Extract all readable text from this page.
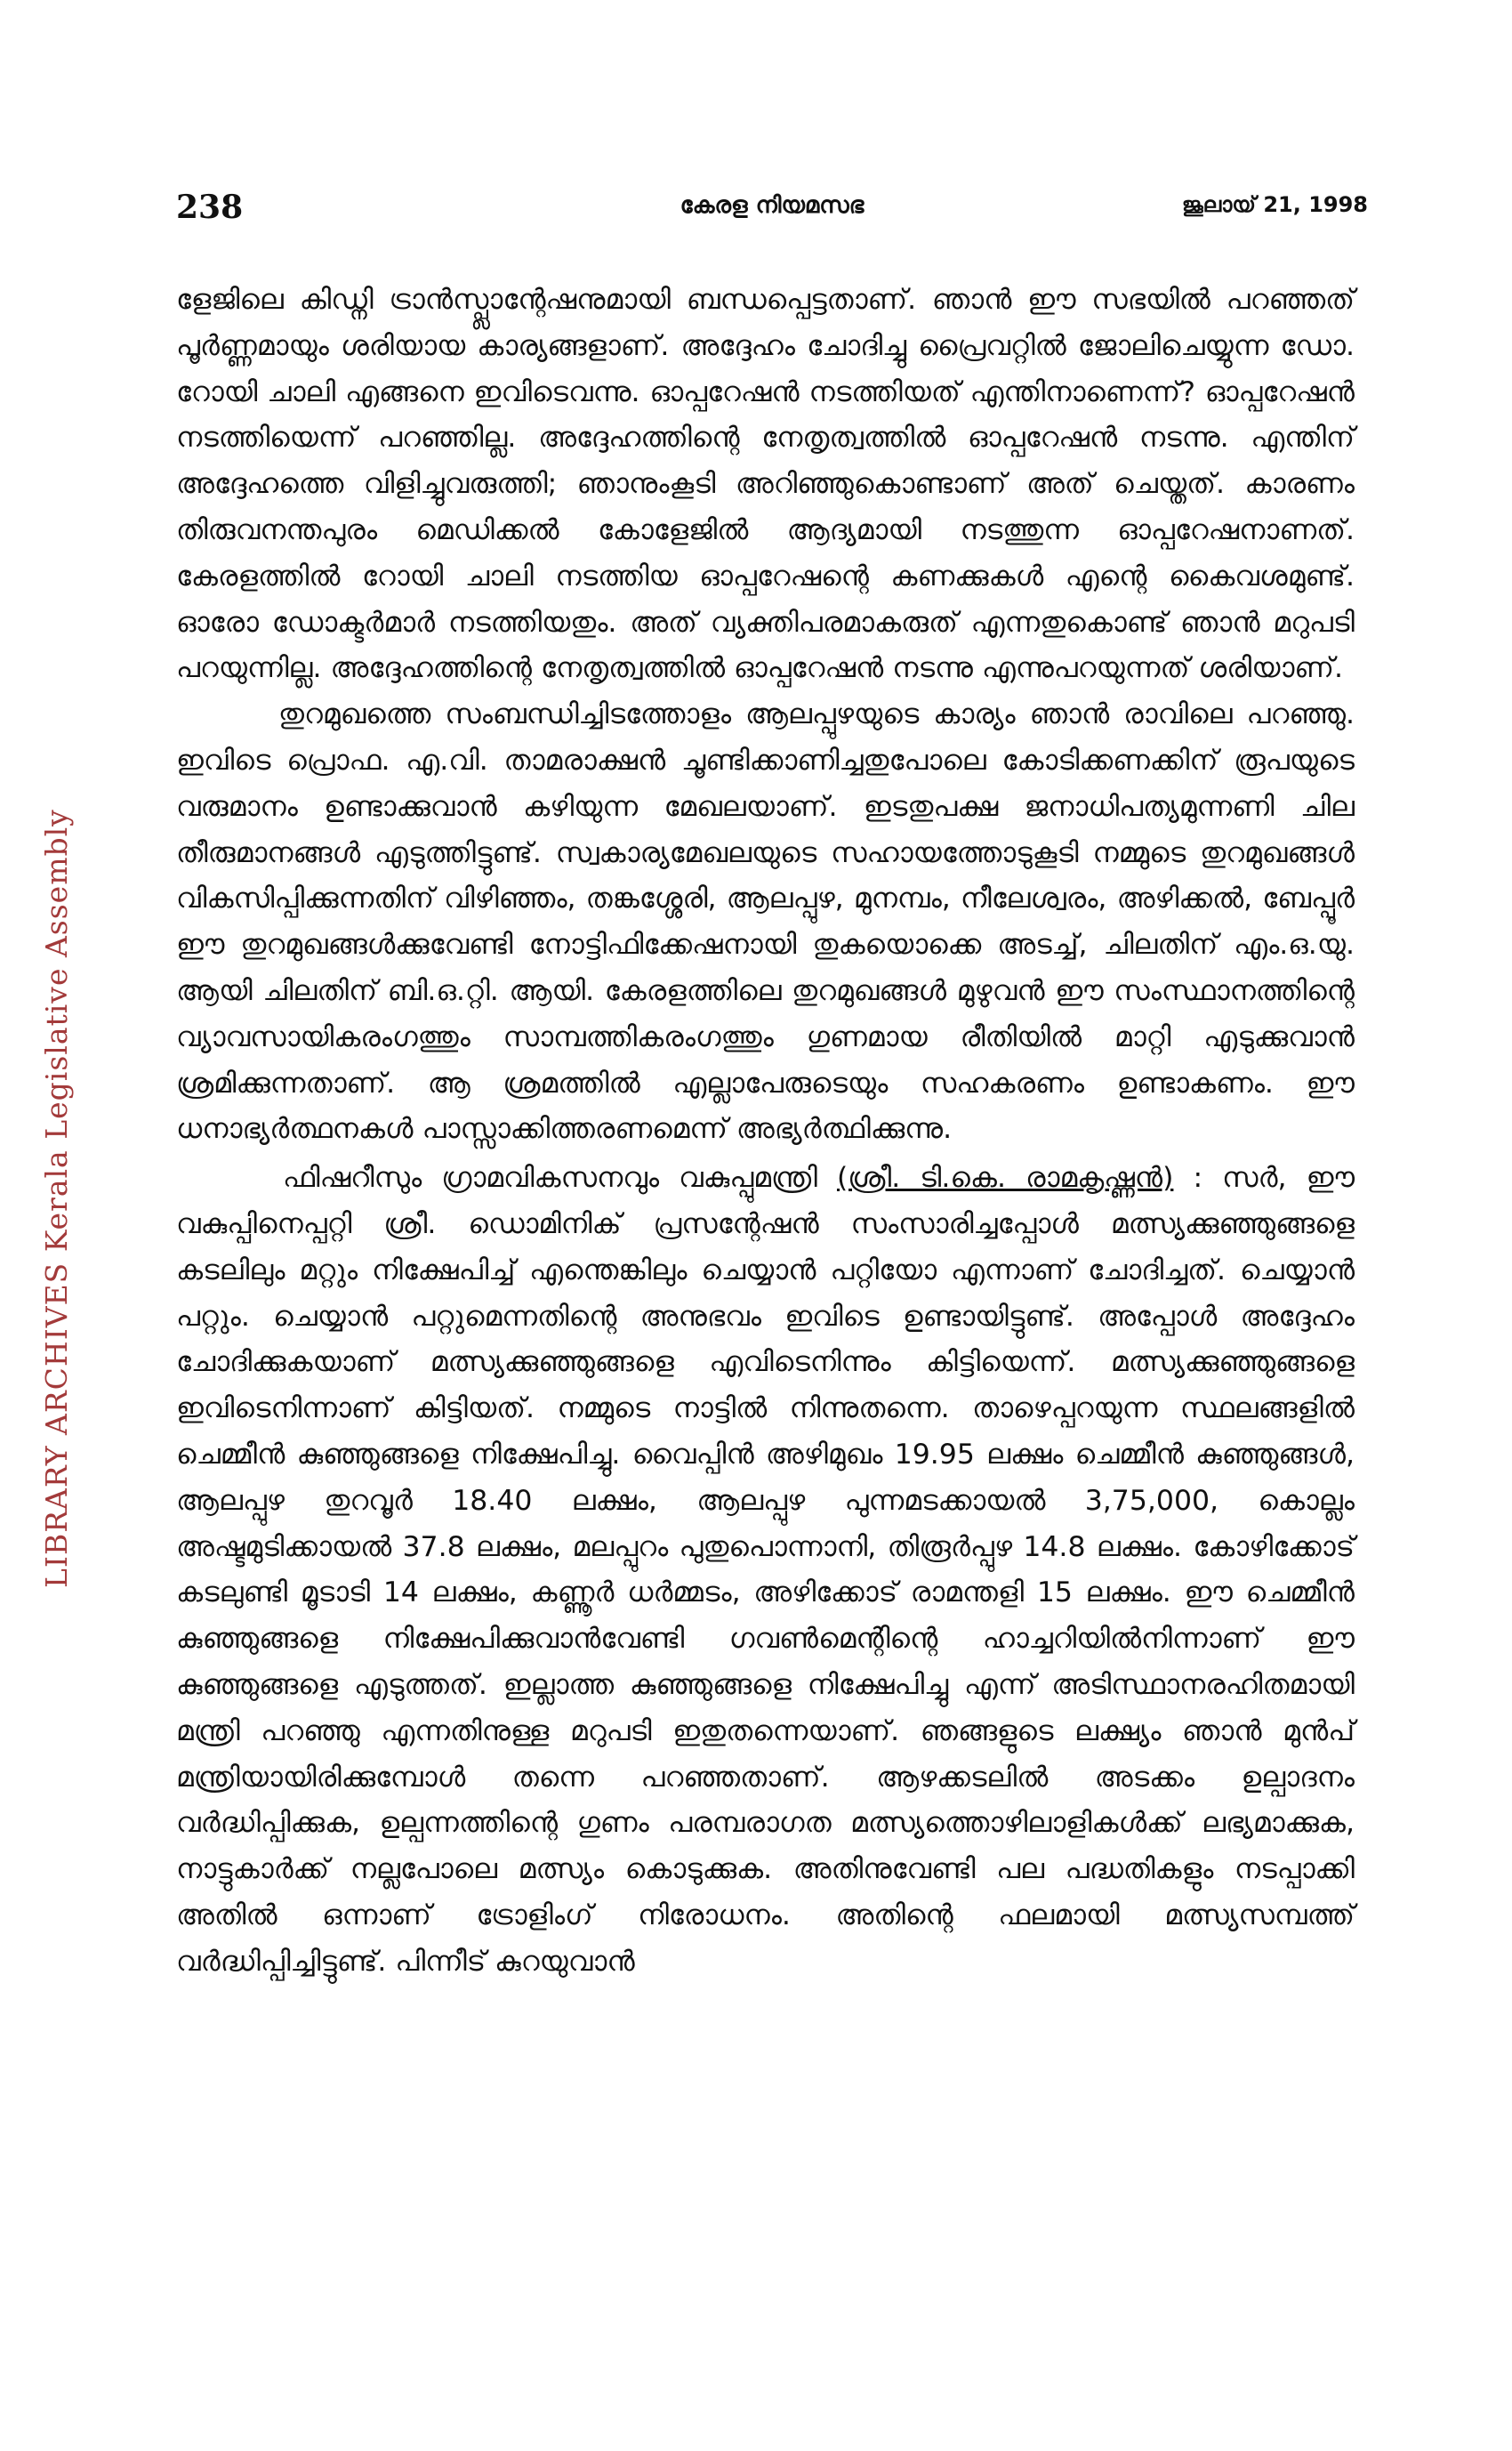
238	കേരള നിയമസഭ	ജൂലായ് 21, 1998
LIBRARY ARCHIVES Kerala Legislative Assembly

ളേജിലെ കിഡ്നി ട്രാൻസ്പ്ലാന്റേഷനുമായി ബന്ധപ്പെട്ടതാണ്. ഞാൻ ഈ സഭയിൽ പറഞ്ഞത് പൂർണ്ണമായും ശരിയായ കാര്യങ്ങളാണ്. അദ്ദേഹം ചോദിച്ചു പ്രൈവറ്റിൽ ജോലിചെയ്യുന്ന ഡോ. റോയി ചാലി എങ്ങനെ ഇവിടെവന്നു. ഓപ്പറേഷൻ നടത്തിയത് എന്തിനാണെന്ന്? ഓപ്പറേഷൻ നടത്തിയെന്ന് പറഞ്ഞില്ല. അദ്ദേഹത്തിന്റെ നേതൃത്വത്തിൽ ഓപ്പറേഷൻ നടന്നു. എന്തിന് അദ്ദേഹത്തെ വിളിച്ചുവരുത്തി; ഞാനുംകൂടി അറിഞ്ഞുകൊണ്ടാണ് അത് ചെയ്തത്. കാരണം തിരുവനന്തപുരം മെഡിക്കൽ കോളേജിൽ ആദ്യമായി നടത്തുന്ന ഓപ്പറേഷനാണത്. കേരളത്തിൽ റോയി ചാലി നടത്തിയ ഓപ്പറേഷന്റെ കണക്കുകൾ എന്റെ കൈവശമുണ്ട്. ഓരോ ഡോക്ടർമാർ നടത്തിയതും. അത് വ്യക്തിപരമാകരുത് എന്നതുകൊണ്ട് ഞാൻ മറുപടി പറയുന്നില്ല. അദ്ദേഹത്തിന്റെ നേതൃത്വത്തിൽ ഓപ്പറേഷൻ നടന്നു എന്നുപറയുന്നത് ശരിയാണ്.

തുറമുഖത്തെ സംബന്ധിച്ചിടത്തോളം ആലപ്പുഴയുടെ കാര്യം ഞാൻ രാവിലെ പറഞ്ഞു. ഇവിടെ പ്രൊഫ. എ.വി. താമരാക്ഷൻ ചൂണ്ടിക്കാണിച്ചതുപോലെ കോടിക്കണക്കിന് രൂപയുടെ വരുമാനം ഉണ്ടാക്കുവാൻ കഴിയുന്ന മേഖലയാണ്. ഇടതുപക്ഷ ജനാധിപത്യമുന്നണി ചില തീരുമാനങ്ങൾ എടുത്തിട്ടുണ്ട്. സ്വകാര്യമേഖലയുടെ സഹായത്തോടുകൂടി നമ്മുടെ തുറമുഖങ്ങൾ വികസിപ്പിക്കുന്നതിന് വിഴിഞ്ഞം, തങ്കശ്ശേരി, ആലപ്പുഴ, മുനമ്പം, നീലേശ്വരം, അഴിക്കൽ, ബേപ്പൂർ ഈ തുറമുഖങ്ങൾക്കുവേണ്ടി നോട്ടിഫിക്കേഷനായി തുകയൊക്കെ അടച്ച്, ചിലതിന് എം.ഒ.യു. ആയി ചിലതിന് ബി.ഒ.റ്റി. ആയി. കേരളത്തിലെ തുറമുഖങ്ങൾ മുഴുവൻ ഈ സംസ്ഥാനത്തിന്റെ വ്യാവസായികരംഗത്തും സാമ്പത്തികരംഗത്തും ഗുണമായ രീതിയിൽ മാറ്റി എടുക്കുവാൻ ശ്രമിക്കുന്നതാണ്. ആ ശ്രമത്തിൽ എല്ലാപേരുടെയും സഹകരണം ഉണ്ടാകണം. ഈ ധനാഭ്യർത്ഥനകൾ പാസ്സാക്കിത്തരണമെന്ന് അഭ്യർത്ഥിക്കുന്നു.

ഫിഷറീസും ഗ്രാമവികസനവും വകുപ്പുമന്ത്രി (ശ്രീ. ടി.കെ. രാമകൃഷ്ണൻ) : സർ, ഈ വകുപ്പിനെപ്പറ്റി ശ്രീ. ഡൊമിനിക് പ്രസന്റേഷൻ സംസാരിച്ചപ്പോൾ മത്സ്യക്കുഞ്ഞുങ്ങളെ കടലിലും മറ്റും നിക്ഷേപിച്ച് എന്തെങ്കിലും ചെയ്യാൻ പറ്റിയോ എന്നാണ് ചോദിച്ചത്. ചെയ്യാൻ പറ്റും. ചെയ്യാൻ പറ്റുമെന്നതിന്റെ അനുഭവം ഇവിടെ ഉണ്ടായിട്ടുണ്ട്. അപ്പോൾ അദ്ദേഹം ചോദിക്കുകയാണ് മത്സ്യക്കുഞ്ഞുങ്ങളെ എവിടെനിന്നും കിട്ടിയെന്ന്. മത്സ്യക്കുഞ്ഞുങ്ങളെ ഇവിടെനിന്നാണ് കിട്ടിയത്. നമ്മുടെ നാട്ടിൽ നിന്നുതന്നെ. താഴെപ്പറയുന്ന സ്ഥലങ്ങളിൽ ചെമ്മീൻ കുഞ്ഞുങ്ങളെ നിക്ഷേപിച്ചു. വൈപ്പിൻ അഴിമുഖം 19.95 ലക്ഷം ചെമ്മീൻ കുഞ്ഞുങ്ങൾ, ആലപ്പുഴ തുറവൂർ 18.40 ലക്ഷം, ആലപ്പുഴ പുന്നമടക്കായൽ 3,75,000, കൊല്ലം അഷ്ടമുടിക്കായൽ 37.8 ലക്ഷം, മലപ്പുറം പുതുപൊന്നാനി, തിരൂർപ്പുഴ 14.8 ലക്ഷം. കോഴിക്കോട് കടലുണ്ടി മൂടാടി 14 ലക്ഷം, കണ്ണൂർ ധർമ്മടം, അഴിക്കോട് രാമന്തളി 15 ലക്ഷം. ഈ ചെമ്മീൻ കുഞ്ഞുങ്ങളെ നിക്ഷേപിക്കുവാൻവേണ്ടി ഗവൺമെന്റിന്റെ ഹാച്ചറിയിൽനിന്നാണ് ഈ കുഞ്ഞുങ്ങളെ എടുത്തത്. ഇല്ലാത്ത കുഞ്ഞുങ്ങളെ നിക്ഷേപിച്ചു എന്ന് അടിസ്ഥാനരഹിതമായി മന്ത്രി പറഞ്ഞു എന്നതിനുള്ള മറുപടി ഇതുതന്നെയാണ്. ഞങ്ങളുടെ ലക്ഷ്യം ഞാൻ മുൻപ് മന്ത്രിയായിരിക്കുമ്പോൾ തന്നെ പറഞ്ഞതാണ്. ആഴക്കടലിൽ അടക്കം ഉല്പാദനം വർദ്ധിപ്പിക്കുക, ഉല്പന്നത്തിന്റെ ഗുണം പരമ്പരാഗത മത്സ്യത്തൊഴിലാളികൾക്ക് ലഭ്യമാക്കുക, നാട്ടുകാർക്ക് നല്ലപോലെ മത്സ്യം കൊടുക്കുക. അതിനുവേണ്ടി പല പദ്ധതികളും നടപ്പാക്കി അതിൽ ഒന്നാണ് ട്രോളിംഗ് നിരോധനം. അതിന്റെ ഫലമായി മത്സ്യസമ്പത്ത് വർദ്ധിപ്പിച്ചിട്ടുണ്ട്. പിന്നീട് കുറയുവാൻ
